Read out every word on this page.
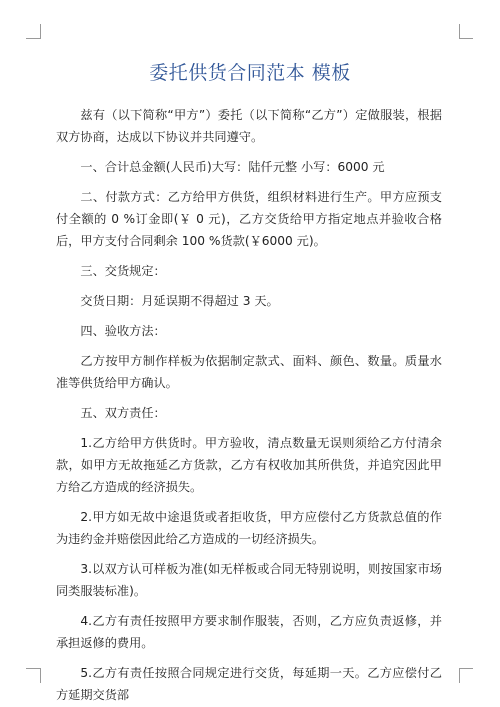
委托供货合同范本 模板

兹有（以下简称“甲方”）委托（以下简称“乙方”）定做服装，根据双方协商，达成以下协议并共同遵守。

一、合计总金额(人民币)大写：陆仟元整 小写：6000 元

二、付款方式：乙方给甲方供货，组织材料进行生产。甲方应预支付全额的 0 %订金即(￥ 0 元)，乙方交货给甲方指定地点并验收合格后，甲方支付合同剩余 100 %货款(￥6000 元)。

三、交货规定：

交货日期：月延误期不得超过 3 天。

四、验收方法：

乙方按甲方制作样板为依据制定款式、面料、颜色、数量。质量水准等供货给甲方确认。

五、双方责任：

1.乙方给甲方供货时。甲方验收，清点数量无误则须给乙方付清余款，如甲方无故拖延乙方货款，乙方有权收加其所供货，并追究因此甲方给乙方造成的经济损失。

2.甲方如无故中途退货或者拒收货，甲方应偿付乙方货款总值的作为违约金并赔偿因此给乙方造成的一切经济损失。

3.以双方认可样板为准(如无样板或合同无特别说明，则按国家市场同类服装标准)。

4.乙方有责任按照甲方要求制作服装，否则，乙方应负责返修，并承担返修的费用。

5.乙方有责任按照合同规定进行交货，每延期一天。乙方应偿付乙方延期交货部
